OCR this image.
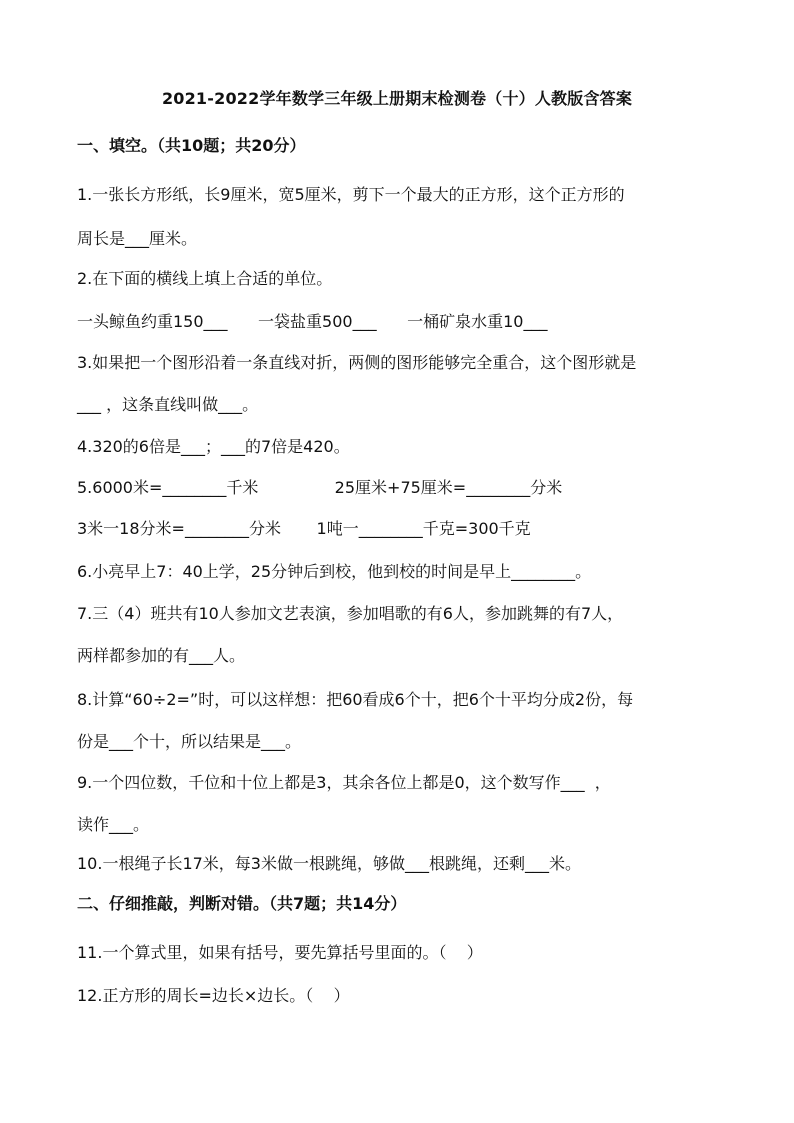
2021-2022学年数学三年级上册期末检测卷（十）人教版含答案
一、填空。（共10题；共20分）
1.一张长方形纸，长9厘米，宽5厘米，剪下一个最大的正方形，这个正方形的
周长是___厘米。
2.在下面的横线上填上合适的单位。
一头鲸鱼约重150___      一袋盐重500___      一桶矿泉水重10___
3.如果把一个图形沿着一条直线对折，两侧的图形能够完全重合，这个图形就是
___ ，这条直线叫做___。
4.320的6倍是___；___的7倍是420。
5.6000米=________千米               25厘米+75厘米=________分米
3米一18分米=________分米       1吨一________千克=300千克
6.小亮早上7：40上学，25分钟后到校，他到校的时间是早上________。
7.三（4）班共有10人参加文艺表演，参加唱歌的有6人，参加跳舞的有7人，
两样都参加的有___人。
8.计算“60÷2=”时，可以这样想：把60看成6个十，把6个十平均分成2份，每
份是___个十，所以结果是___。
9.一个四位数，千位和十位上都是3，其余各位上都是0，这个数写作___  ，
读作___。
10.一根绳子长17米，每3米做一根跳绳，够做___根跳绳，还剩___米。
二、仔细推敲，判断对错。（共7题；共14分）
11.一个算式里，如果有括号，要先算括号里面的。（    ）
12.正方形的周长=边长×边长。（    ）
